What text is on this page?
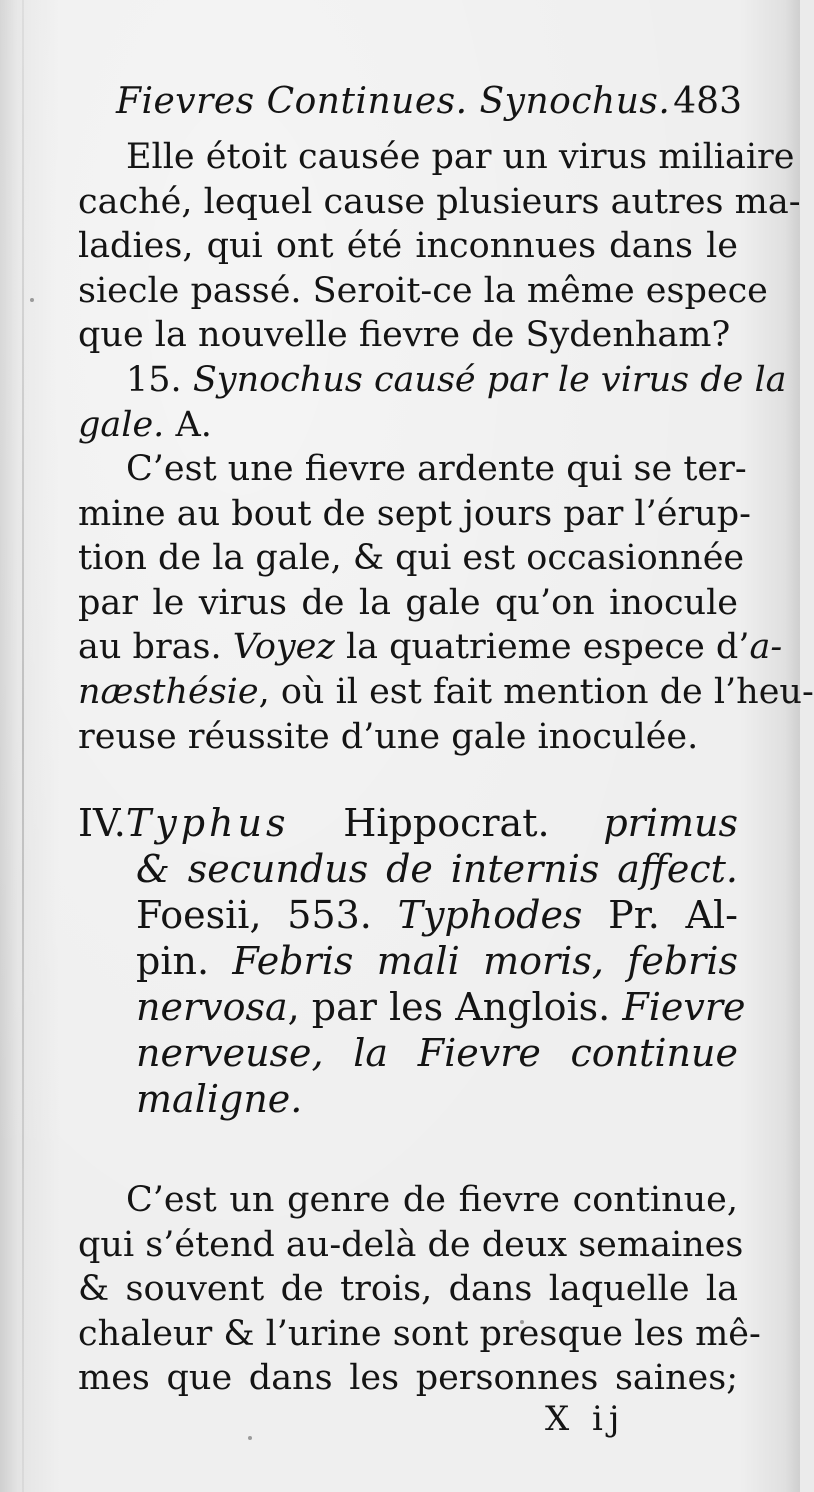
Fievres Continues. Synochus. 483
Elle étoit causée par un virus miliaire
caché, lequel cause plusieurs autres ma-
ladies, qui ont été inconnues dans le
siecle passé. Seroit-ce la même espece
que la nouvelle fievre de Sydenham?
15. Synochus causé par le virus de la
gale. A.
C’est une fievre ardente qui se ter-
mine au bout de sept jours par l’érup-
tion de la gale, & qui est occasionnée
par le virus de la gale qu’on inocule
au bras. Voyez la quatrieme espece d’a-
næsthésie, où il est fait mention de l’heu-
reuse réussite d’une gale inoculée.
IV.Typhus Hippocrat. primus
& secundus de internis affect.
Foesii, 553. Typhodes Pr. Al-
pin. Febris mali moris, febris
nervosa, par les Anglois. Fievre
nerveuse, la Fievre continue
maligne.
C’est un genre de fievre continue,
qui s’étend au-delà de deux semaines
& souvent de trois, dans laquelle la
chaleur & l’urine sont presque les mê-
mes que dans les personnes saines;
X ij
